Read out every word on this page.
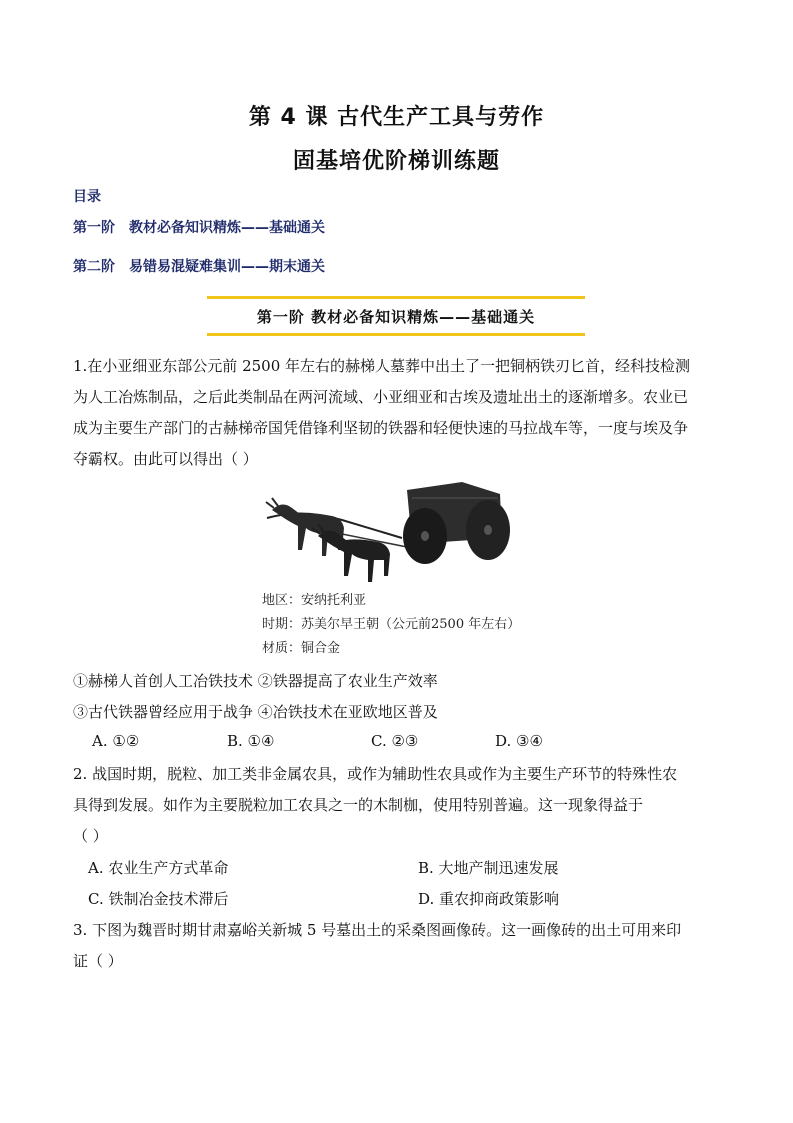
第 4 课 古代生产工具与劳作
固基培优阶梯训练题
目录
第一阶 教材必备知识精炼——基础通关
第二阶 易错易混疑难集训——期末通关
第一阶 教材必备知识精炼——基础通关
1.在小亚细亚东部公元前 2500 年左右的赫梯人墓葬中出土了一把铜柄铁刃匕首，经科技检测
为人工冶炼制品，之后此类制品在两河流域、小亚细亚和古埃及遗址出土的逐渐增多。农业已
成为主要生产部门的古赫梯帝国凭借锋利坚韧的铁器和轻便快速的马拉战车等，一度与埃及争
夺霸权。由此可以得出（ ）
地区：安纳托利亚
时期：苏美尔早王朝（公元前2500 年左右）
材质：铜合金
①赫梯人首创人工冶铁技术 ②铁器提高了农业生产效率
③古代铁器曾经应用于战争 ④冶铁技术在亚欧地区普及
A. ①②	B. ①④	C. ②③	D. ③④
2. 战国时期，脱粒、加工类非金属农具，或作为辅助性农具或作为主要生产环节的特殊性农
具得到发展。如作为主要脱粒加工农具之一的木制枷，使用特别普遍。这一现象得益于
（ ）
A. 农业生产方式革命	B. 大地产制迅速发展
C. 铁制冶金技术滞后	D. 重农抑商政策影响
3. 下图为魏晋时期甘肃嘉峪关新城 5 号墓出土的采桑图画像砖。这一画像砖的出土可用来印
证（ ）
